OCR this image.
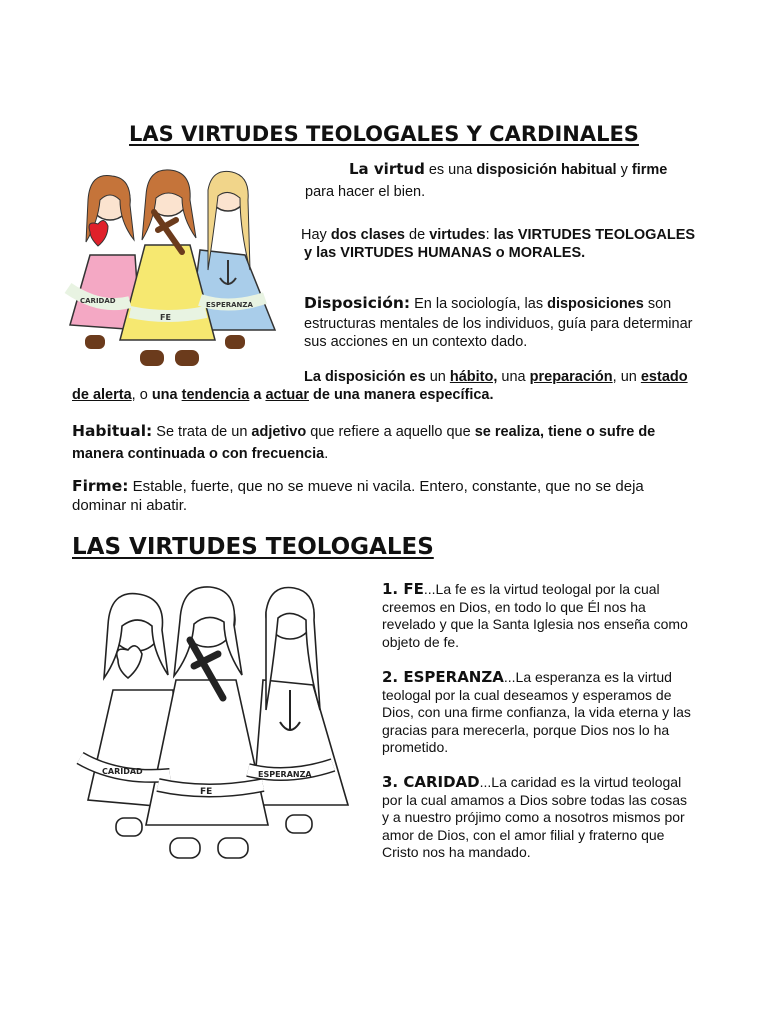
LAS VIRTUDES TEOLOGALES Y CARDINALES
CARIDAD
FE
ESPERANZA
La virtud es una disposición habitual y firme
para hacer el bien.
Hay dos clases de virtudes: las VIRTUDES TEOLOGALES
y las VIRTUDES HUMANAS o MORALES.
Disposición: En la sociología, las disposiciones son
estructuras mentales de los individuos, guía para determinar
sus acciones en un contexto dado.
La disposición es un hábito, una preparación, un estado
de alerta, o una tendencia a actuar de una manera específica.
Habitual: Se trata de un adjetivo que refiere a aquello que se realiza, tiene o sufre de
manera continuada o con frecuencia.
Firme: Estable, fuerte, que no se mueve ni vacila. Entero, constante, que no se deja
dominar ni abatir.
LAS VIRTUDES TEOLOGALES
CARIDAD
FE
ESPERANZA
1. FE...La fe es la virtud teologal por la cual
creemos en Dios, en todo lo que Él nos ha
revelado y que la Santa Iglesia nos enseña como
objeto de fe.
2. ESPERANZA...La esperanza es la virtud
teologal por la cual deseamos y esperamos de
Dios, con una firme confianza, la vida eterna y las
gracias para merecerla, porque Dios nos lo ha
prometido.
3. CARIDAD...La caridad es la virtud teologal
por la cual amamos a Dios sobre todas las cosas
y a nuestro prójimo como a nosotros mismos por
amor de Dios, con el amor filial y fraterno que
Cristo nos ha mandado.
